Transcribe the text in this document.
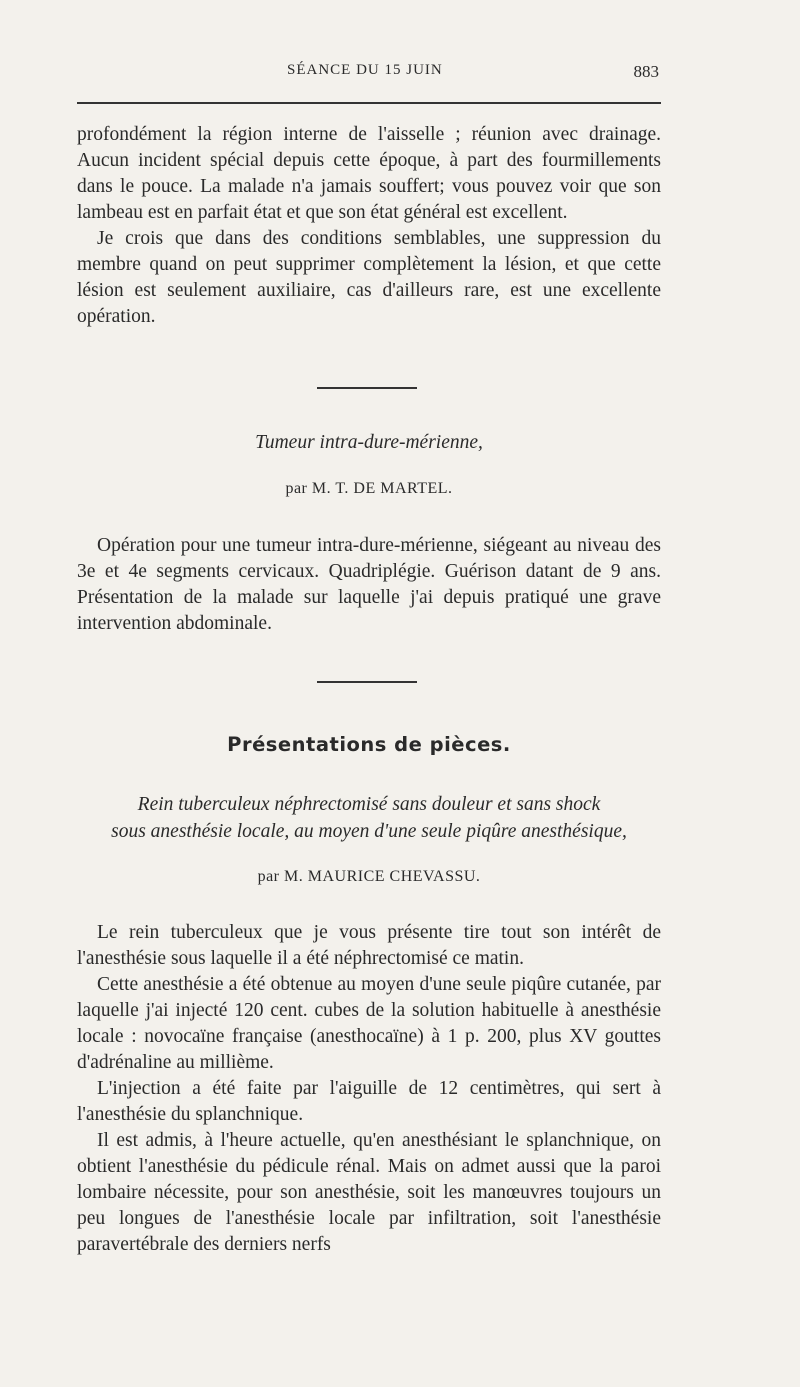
SÉANCE DU 15 JUIN	883

profondément la région interne de l'aisselle ; réunion avec drainage. Aucun incident spécial depuis cette époque, à part des fourmillements dans le pouce. La malade n'a jamais souffert; vous pouvez voir que son lambeau est en parfait état et que son état général est excellent.

Je crois que dans des conditions semblables, une suppression du membre quand on peut supprimer complètement la lésion, et que cette lésion est seulement auxiliaire, cas d'ailleurs rare, est une excellente opération.

Tumeur intra-dure-mérienne,
par M. T. DE MARTEL.

Opération pour une tumeur intra-dure-mérienne, siégeant au niveau des 3e et 4e segments cervicaux. Quadriplégie. Guérison datant de 9 ans. Présentation de la malade sur laquelle j'ai depuis pratiqué une grave intervention abdominale.

Présentations de pièces.
Rein tuberculeux néphrectomisé sans douleur et sans shock
sous anesthésie locale, au moyen d'une seule piqûre anesthésique,
par M. MAURICE CHEVASSU.

Le rein tuberculeux que je vous présente tire tout son intérêt de l'anesthésie sous laquelle il a été néphrectomisé ce matin.

Cette anesthésie a été obtenue au moyen d'une seule piqûre cutanée, par laquelle j'ai injecté 120 cent. cubes de la solution habituelle à anesthésie locale : novocaïne française (anesthocaïne) à 1 p. 200, plus XV gouttes d'adrénaline au millième.

L'injection a été faite par l'aiguille de 12 centimètres, qui sert à l'anesthésie du splanchnique.

Il est admis, à l'heure actuelle, qu'en anesthésiant le splanchnique, on obtient l'anesthésie du pédicule rénal. Mais on admet aussi que la paroi lombaire nécessite, pour son anesthésie, soit les manœuvres toujours un peu longues de l'anesthésie locale par infiltration, soit l'anesthésie paravertébrale des derniers nerfs
